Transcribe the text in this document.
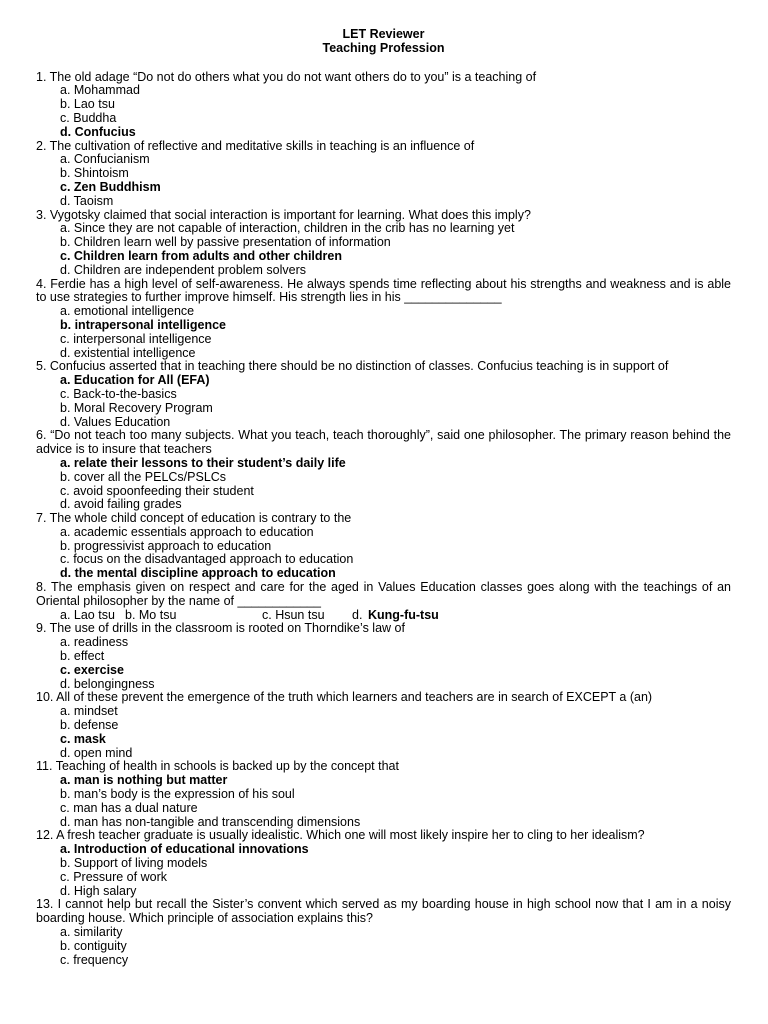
LET Reviewer
Teaching Profession
1. The old adage “Do not do others what you do not want others do to you” is a teaching of
a. Mohammad
b. Lao tsu
c. Buddha
d. Confucius
2. The cultivation of reflective and meditative skills in teaching is an influence of
a. Confucianism
b. Shintoism
c. Zen Buddhism
d. Taoism
3. Vygotsky claimed that social interaction is important for learning. What does this imply?
a. Since they are not capable of interaction, children in the crib has no learning yet
b. Children learn well by passive presentation of information
c. Children learn from adults and other children
d. Children are independent problem solvers
4. Ferdie has a high level of self-awareness. He always spends time reflecting about his strengths and weakness and is able to use strategies to further improve himself. His strength lies in his ______________
a. emotional intelligence
b. intrapersonal intelligence
c. interpersonal intelligence
d. existential intelligence
5. Confucius asserted that in teaching there should be no distinction of classes. Confucius teaching is in support of
a. Education for All (EFA)
c. Back-to-the-basics
b. Moral Recovery Program
d. Values Education
6. “Do not teach too many subjects. What you teach, teach thoroughly”, said one philosopher. The primary reason behind the advice is to insure that teachers
a. relate their lessons to their student’s daily life
b. cover all the PELCs/PSLCs
c. avoid spoonfeeding their student
d. avoid failing grades
7. The whole child concept of education is contrary to the
a. academic essentials approach to education
b. progressivist approach to education
c. focus on the disadvantaged approach to education
d. the mental discipline approach to education
8. The emphasis given on respect and care for the aged in Values Education classes goes along with the teachings of an Oriental philosopher by the name of ____________
a. Lao tsu b. Mo tsu	c. Hsun tsu d. Kung-fu-tsu
9. The use of drills in the classroom is rooted on Thorndike’s law of
a. readiness
b. effect
c. exercise
d. belongingness
10. All of these prevent the emergence of the truth which learners and teachers are in search of EXCEPT a (an)
a. mindset
b. defense
c. mask
d. open mind
11. Teaching of health in schools is backed up by the concept that
a. man is nothing but matter
b. man’s body is the expression of his soul
c. man has a dual nature
d. man has non-tangible and transcending dimensions
12. A fresh teacher graduate is usually idealistic. Which one will most likely inspire her to cling to her idealism?
a. Introduction of educational innovations
b. Support of living models
c. Pressure of work
d. High salary
13. I cannot help but recall the Sister’s convent which served as my boarding house in high school now that I am in a noisy boarding house. Which principle of association explains this?
a. similarity
b. contiguity
c. frequency
